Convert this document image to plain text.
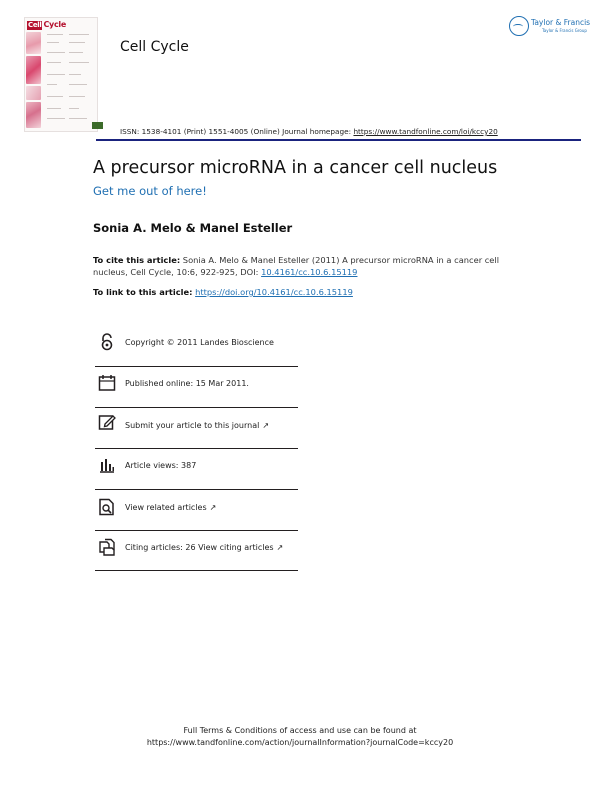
Cell Cycle
Cell Cycle
Taylor & Francis
Taylor & Francis Group
ISSN: 1538-4101 (Print) 1551-4005 (Online) Journal homepage: https://www.tandfonline.com/loi/kccy20
A precursor microRNA in a cancer cell nucleus
Get me out of here!
Sonia A. Melo & Manel Esteller
To cite this article: Sonia A. Melo & Manel Esteller (2011) A precursor microRNA in a cancer cell nucleus, Cell Cycle, 10:6, 922-925, DOI: 10.4161/cc.10.6.15119
To link to this article: https://doi.org/10.4161/cc.10.6.15119
Copyright © 2011 Landes Bioscience
Published online: 15 Mar 2011.
Submit your article to this journal ↗
Article views: 387
View related articles ↗
Citing articles: 26 View citing articles ↗
Full Terms & Conditions of access and use can be found at
https://www.tandfonline.com/action/journalInformation?journalCode=kccy20
